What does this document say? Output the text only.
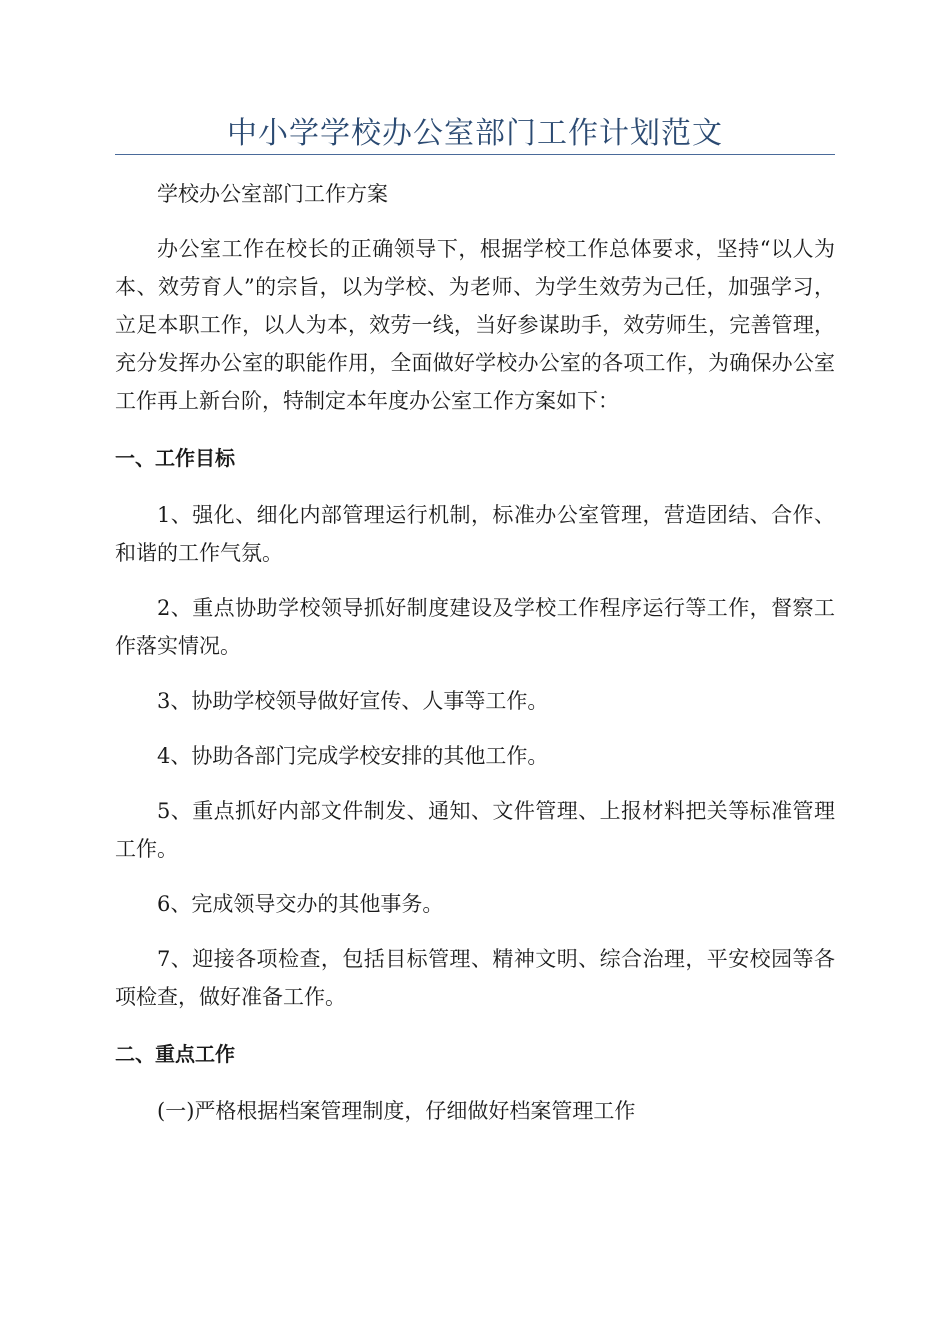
中小学学校办公室部门工作计划范文

学校办公室部门工作方案

办公室工作在校长的正确领导下，根据学校工作总体要求，坚持“以人为本、效劳育人”的宗旨，以为学校、为老师、为学生效劳为己任，加强学习，立足本职工作，以人为本，效劳一线，当好参谋助手，效劳师生，完善管理，充分发挥办公室的职能作用，全面做好学校办公室的各项工作，为确保办公室工作再上新台阶，特制定本年度办公室工作方案如下：

一、工作目标

1、强化、细化内部管理运行机制，标准办公室管理，营造团结、合作、和谐的工作气氛。

2、重点协助学校领导抓好制度建设及学校工作程序运行等工作，督察工作落实情况。

3、协助学校领导做好宣传、人事等工作。

4、协助各部门完成学校安排的其他工作。

5、重点抓好内部文件制发、通知、文件管理、上报材料把关等标准管理工作。

6、完成领导交办的其他事务。

7、迎接各项检查，包括目标管理、精神文明、综合治理，平安校园等各项检查，做好准备工作。

二、重点工作

(一)严格根据档案管理制度，仔细做好档案管理工作
